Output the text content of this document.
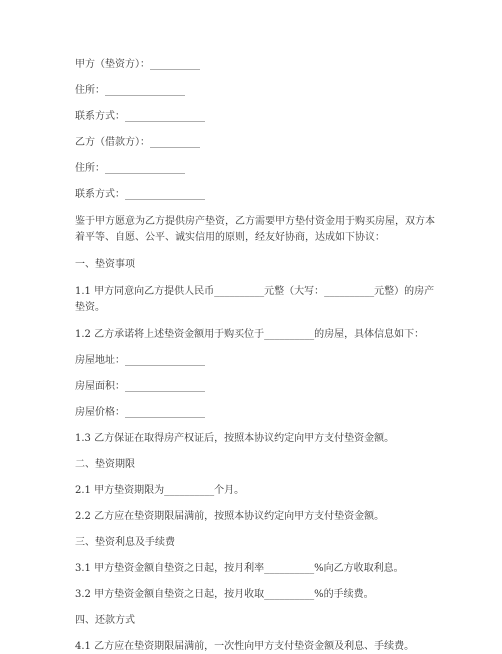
甲方（垫资方）：__________

住所：________________

联系方式：________________

乙方（借款方）：__________

住所：________________

联系方式：________________

鉴于甲方愿意为乙方提供房产垫资，乙方需要甲方垫付资金用于购买房屋，双方本着平等、自愿、公平、诚实信用的原则，经友好协商，达成如下协议：

一、垫资事项

1.1 甲方同意向乙方提供人民币__________元整（大写：__________元整）的房产垫资。

1.2 乙方承诺将上述垫资金额用于购买位于__________的房屋，具体信息如下：

房屋地址：________________

房屋面积：________________

房屋价格：________________

1.3 乙方保证在取得房产权证后，按照本协议约定向甲方支付垫资金额。

二、垫资期限

2.1 甲方垫资期限为__________个月。

2.2 乙方应在垫资期限届满前，按照本协议约定向甲方支付垫资金额。

三、垫资利息及手续费

3.1 甲方垫资金额自垫资之日起，按月利率__________%向乙方收取利息。

3.2 甲方垫资金额自垫资之日起，按月收取__________%的手续费。

四、还款方式

4.1 乙方应在垫资期限届满前，一次性向甲方支付垫资金额及利息、手续费。
